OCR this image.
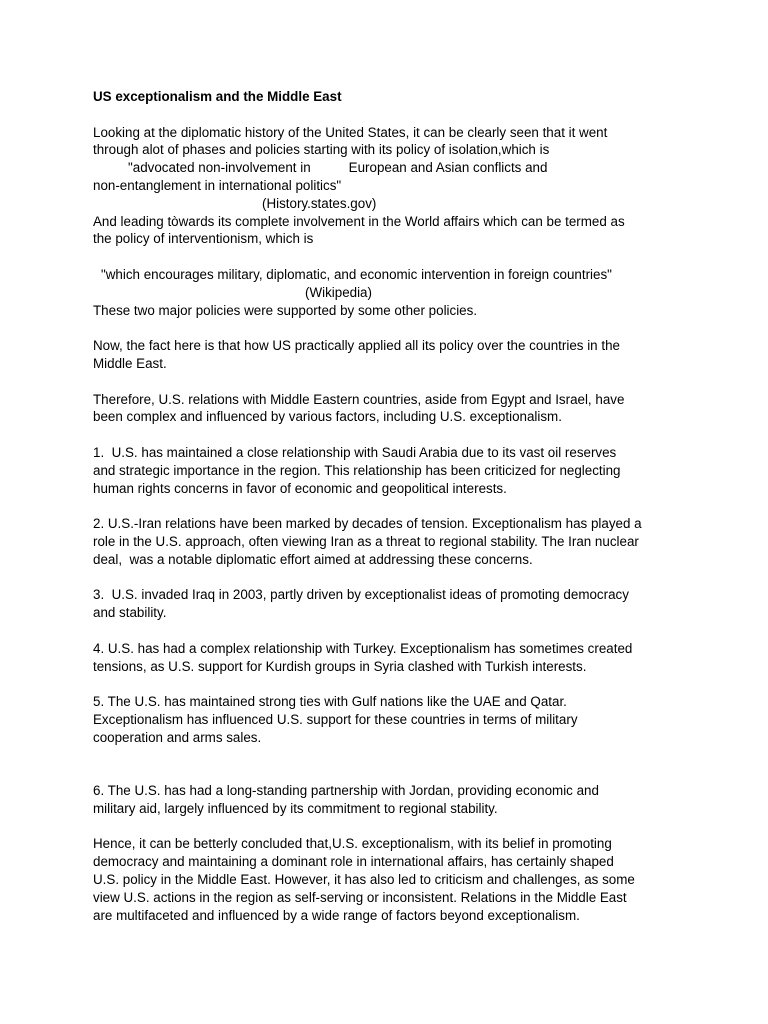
US exceptionalism and the Middle East
Looking at the diplomatic history of the United States, it can be clearly seen that it went
through alot of phases and policies starting with its policy of isolation,which is
"advocated non-involvement in	European and Asian conflicts and
non-entanglement in international politics"
(History.states.gov)
And leading tòwards its complete involvement in the World affairs which can be termed as
the policy of interventionism, which is
"which encourages military, diplomatic, and economic intervention in foreign countries"
(Wikipedia)
These two major policies were supported by some other policies.
Now, the fact here is that how US practically applied all its policy over the countries in the
Middle East.
Therefore, U.S. relations with Middle Eastern countries, aside from Egypt and Israel, have
been complex and influenced by various factors, including U.S. exceptionalism.
1.  U.S. has maintained a close relationship with Saudi Arabia due to its vast oil reserves
and strategic importance in the region. This relationship has been criticized for neglecting
human rights concerns in favor of economic and geopolitical interests.
2. U.S.-Iran relations have been marked by decades of tension. Exceptionalism has played a
role in the U.S. approach, often viewing Iran as a threat to regional stability. The Iran nuclear
deal,  was a notable diplomatic effort aimed at addressing these concerns.
3.  U.S. invaded Iraq in 2003, partly driven by exceptionalist ideas of promoting democracy
and stability.
4. U.S. has had a complex relationship with Turkey. Exceptionalism has sometimes created
tensions, as U.S. support for Kurdish groups in Syria clashed with Turkish interests.
5. The U.S. has maintained strong ties with Gulf nations like the UAE and Qatar.
Exceptionalism has influenced U.S. support for these countries in terms of military
cooperation and arms sales.
6. The U.S. has had a long-standing partnership with Jordan, providing economic and
military aid, largely influenced by its commitment to regional stability.
Hence, it can be betterly concluded that,U.S. exceptionalism, with its belief in promoting
democracy and maintaining a dominant role in international affairs, has certainly shaped
U.S. policy in the Middle East. However, it has also led to criticism and challenges, as some
view U.S. actions in the region as self-serving or inconsistent. Relations in the Middle East
are multifaceted and influenced by a wide range of factors beyond exceptionalism.
